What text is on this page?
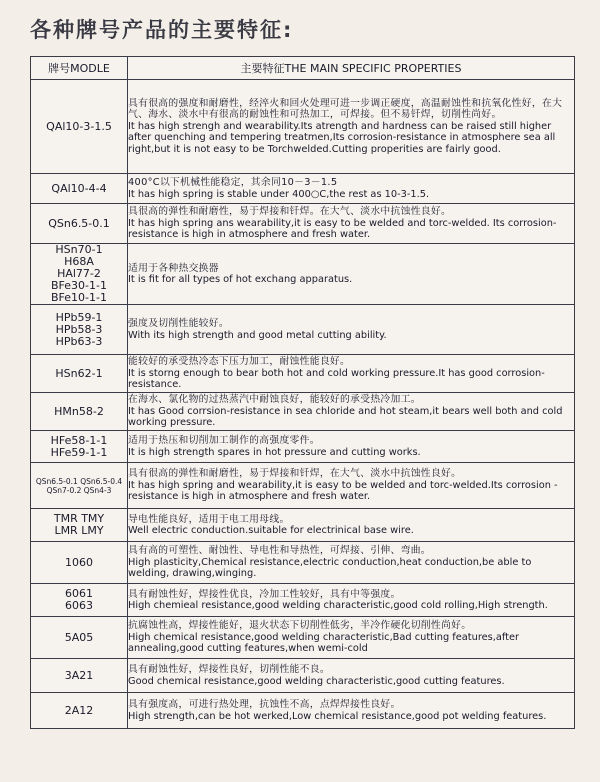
各种牌号产品的主要特征:
牌号MODLE	主要特征THE MAIN SPECIFIC PROPERTIES

QAl10-3-1.5	具有很高的强度和耐磨性，经淬火和回火处理可进一步调正硬度，高温耐蚀性和抗氧化性好，在大气、海水、淡水中有很高的耐蚀性和可热加工，可焊接。但不易钎焊，切削性尚好。
It has high strengh and wearability.Its atrength and hardness can be raised still higher after quenching and tempering treatmen,Its corrosion-resistance in atmosphere sea all right,but it is not easy to be Torchwelded.Cutting properities are fairly good.

QAl10-4-4	400°C以下机械性能稳定，其余同10－3－1.5
It has high spring is stable under 400○C,the rest as 10-3-1.5.

QSn6.5-0.1	具很高的弹性和耐磨性，易于焊接和钎焊。在大气、淡水中抗蚀性良好。
It has high spring ans wearability,it is easy to be welded and torc-welded. Its corrosion-resistance is high in atmosphere and fresh water.

HSn70-1
H68A
HAl77-2
BFe30-1-1
BFe10-1-1	适用于各种热交换器
It is fit for all types of hot exchang apparatus.

HPb59-1
HPb58-3
HPb63-3	强度及切削性能较好。
With its high strength and good metal cutting ability.

HSn62-1	能较好的承受热冷态下压力加工，耐蚀性能良好。
It is storng enough to bear both hot and cold working pressure.It has good corrosion-resistance.

HMn58-2	在海水、氯化物的过热蒸汽中耐蚀良好，能较好的承受热冷加工。
It has Good corrsion-resistance in sea chloride and hot steam,it bears well both and cold working pressure.

HFe58-1-1
HFe59-1-1	适用于热压和切削加工制作的高强度零件。
It is high strength spares in hot pressure and cutting works.

QSn6.5-0.1 QSn6.5-0.4
QSn7-0.2 QSn4-3	具有很高的弹性和耐磨性，易于焊接和钎焊，在大气、淡水中抗蚀性良好。
It has high spring and wearability,it is easy to be welded and torc-welded.Its corrosion -resistance is high in atmosphere and fresh water.

TMR TMY
LMR LMY	导电性能良好，适用于电工用母线。
Well electric conduction.suitable for electrinical base wire.

1060	具有高的可塑性、耐蚀性、导电性和导热性，可焊接、引伸、弯曲。
High plasticity,Chemical resistance,electric conduction,heat conduction,be able to welding, drawing,winging.

6061
6063	具有耐蚀性好，焊接性优良，冷加工性较好，具有中等强度。
High chemieal resistance,good welding characteristic,good cold rolling,High strength.

5A05	抗腐蚀性高，焊接性能好，退火状态下切削性低劣，半冷作硬化切削性尚好。
High chemical resistance,good welding characteristic,Bad cutting features,after annealing,good cutting features,when wemi-cold

3A21	具有耐蚀性好，焊接性良好，切削性能不良。
Good chemical resistance,good welding characteristic,good cutting features.

2A12	具有强度高，可进行热处理，抗蚀性不高，点焊焊接性良好。
High strength,can be hot werked,Low chemical resistance,good pot welding features.
